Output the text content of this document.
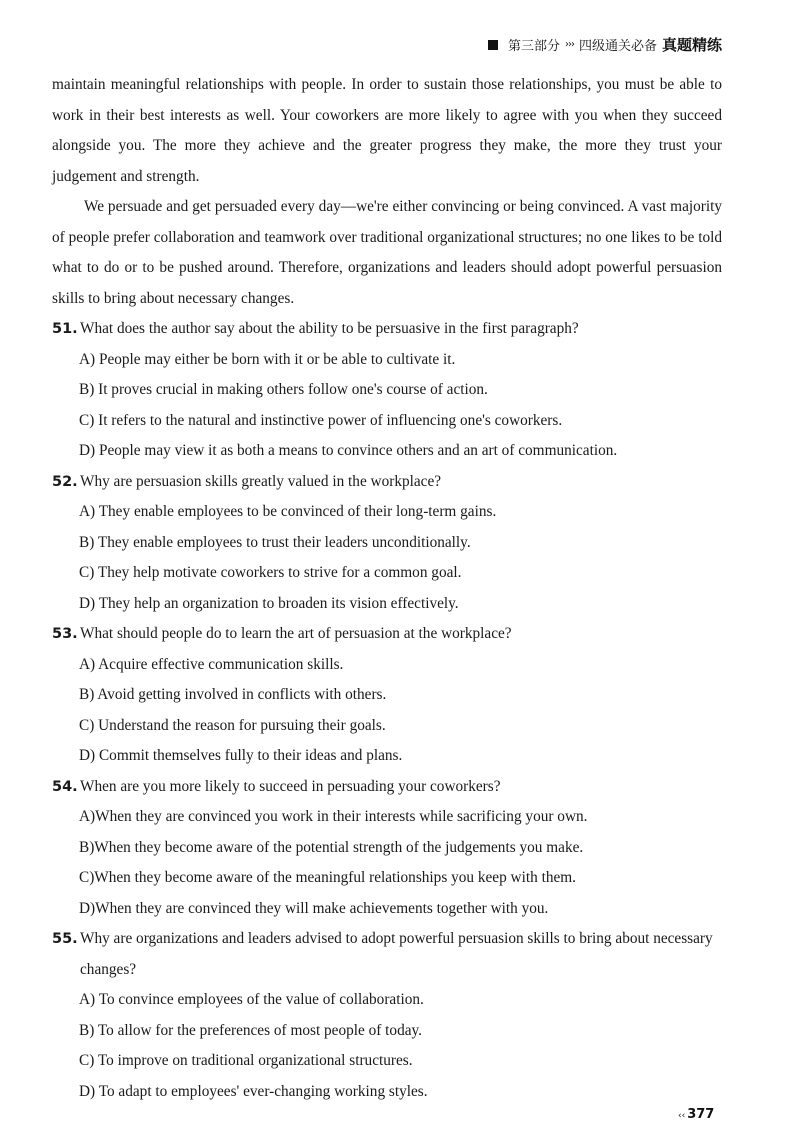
第三部分 ››› 四级通关必备 真题精练

maintain meaningful relationships with people. In order to sustain those relationships, you must be able to work in their best interests as well. Your coworkers are more likely to agree with you when they succeed alongside you. The more they achieve and the greater progress they make, the more they trust your judgement and strength.

We persuade and get persuaded every day—we're either convincing or being convinced. A vast majority of people prefer collaboration and teamwork over traditional organizational structures; no one likes to be told what to do or to be pushed around. Therefore, organizations and leaders should adopt powerful persuasion skills to bring about necessary changes.

51. What does the author say about the ability to be persuasive in the first paragraph?

A) People may either be born with it or be able to cultivate it.

B) It proves crucial in making others follow one's course of action.

C) It refers to the natural and instinctive power of influencing one's coworkers.

D) People may view it as both a means to convince others and an art of communication.

52. Why are persuasion skills greatly valued in the workplace?

A) They enable employees to be convinced of their long-term gains.

B) They enable employees to trust their leaders unconditionally.

C) They help motivate coworkers to strive for a common goal.

D) They help an organization to broaden its vision effectively.

53. What should people do to learn the art of persuasion at the workplace?

A) Acquire effective communication skills.

B) Avoid getting involved in conflicts with others.

C) Understand the reason for pursuing their goals.

D) Commit themselves fully to their ideas and plans.

54. When are you more likely to succeed in persuading your coworkers?

A)When they are convinced you work in their interests while sacrificing your own.

B)When they become aware of the potential strength of the judgements you make.

C)When they become aware of the meaningful relationships you keep with them.

D)When they are convinced they will make achievements together with you.

55. Why are organizations and leaders advised to adopt powerful persuasion skills to bring about necessary changes?

A) To convince employees of the value of collaboration.

B) To allow for the preferences of most people of today.

C) To improve on traditional organizational structures.

D) To adapt to employees' ever-changing working styles.

‹‹ 377
